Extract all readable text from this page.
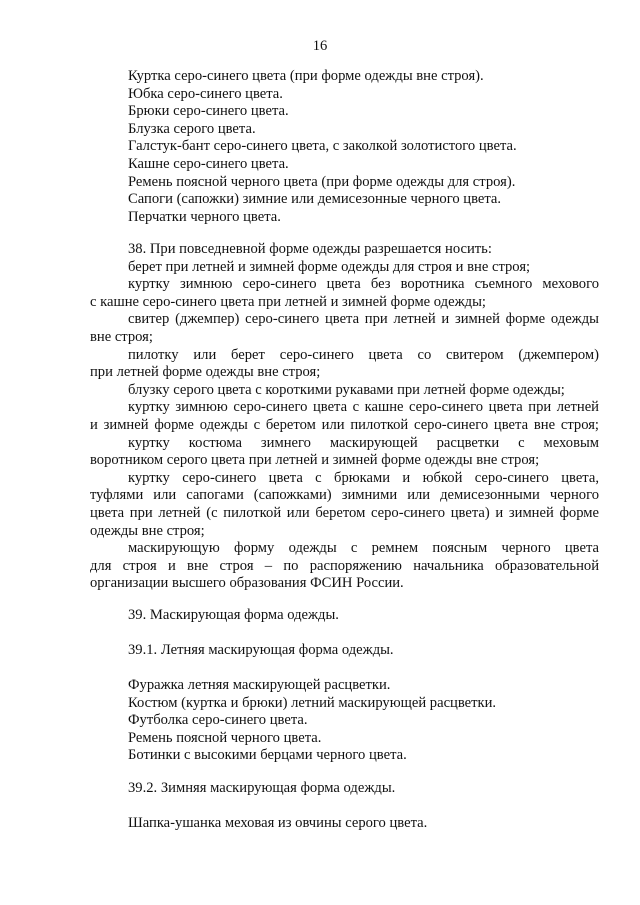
16
Куртка серо-синего цвета (при форме одежды вне строя).
Юбка серо-синего цвета.
Брюки серо-синего цвета.
Блузка серого цвета.
Галстук-бант серо-синего цвета, с заколкой золотистого цвета.
Кашне серо-синего цвета.
Ремень поясной черного цвета (при форме одежды для строя).
Сапоги (сапожки) зимние или демисезонные черного цвета.
Перчатки черного цвета.
38. При повседневной форме одежды разрешается носить:
берет при летней и зимней форме одежды для строя и вне строя;
куртку зимнюю серо-синего цвета без воротника съемного мехового
с кашне серо-синего цвета при летней и зимней форме одежды;
свитер (джемпер) серо-синего цвета при летней и зимней форме одежды
вне строя;
пилотку или берет серо-синего цвета со свитером (джемпером)
при летней форме одежды вне строя;
блузку серого цвета с короткими рукавами при летней форме одежды;
куртку зимнюю серо-синего цвета с кашне серо-синего цвета при летней
и зимней форме одежды с беретом или пилоткой серо-синего цвета вне строя;
куртку костюма зимнего маскирующей расцветки с меховым
воротником серого цвета при летней и зимней форме одежды вне строя;
куртку серо-синего цвета с брюками и юбкой серо-синего цвета,
туфлями или сапогами (сапожками) зимними или демисезонными черного
цвета при летней (с пилоткой или беретом серо-синего цвета) и зимней форме
одежды вне строя;
маскирующую форму одежды с ремнем поясным черного цвета
для строя и вне строя – по распоряжению начальника образовательной
организации высшего образования ФСИН России.
39. Маскирующая форма одежды.
39.1. Летняя маскирующая форма одежды.
Фуражка летняя маскирующей расцветки.
Костюм (куртка и брюки) летний маскирующей расцветки.
Футболка серо-синего цвета.
Ремень поясной черного цвета.
Ботинки с высокими берцами черного цвета.
39.2. Зимняя маскирующая форма одежды.
Шапка-ушанка меховая из овчины серого цвета.
